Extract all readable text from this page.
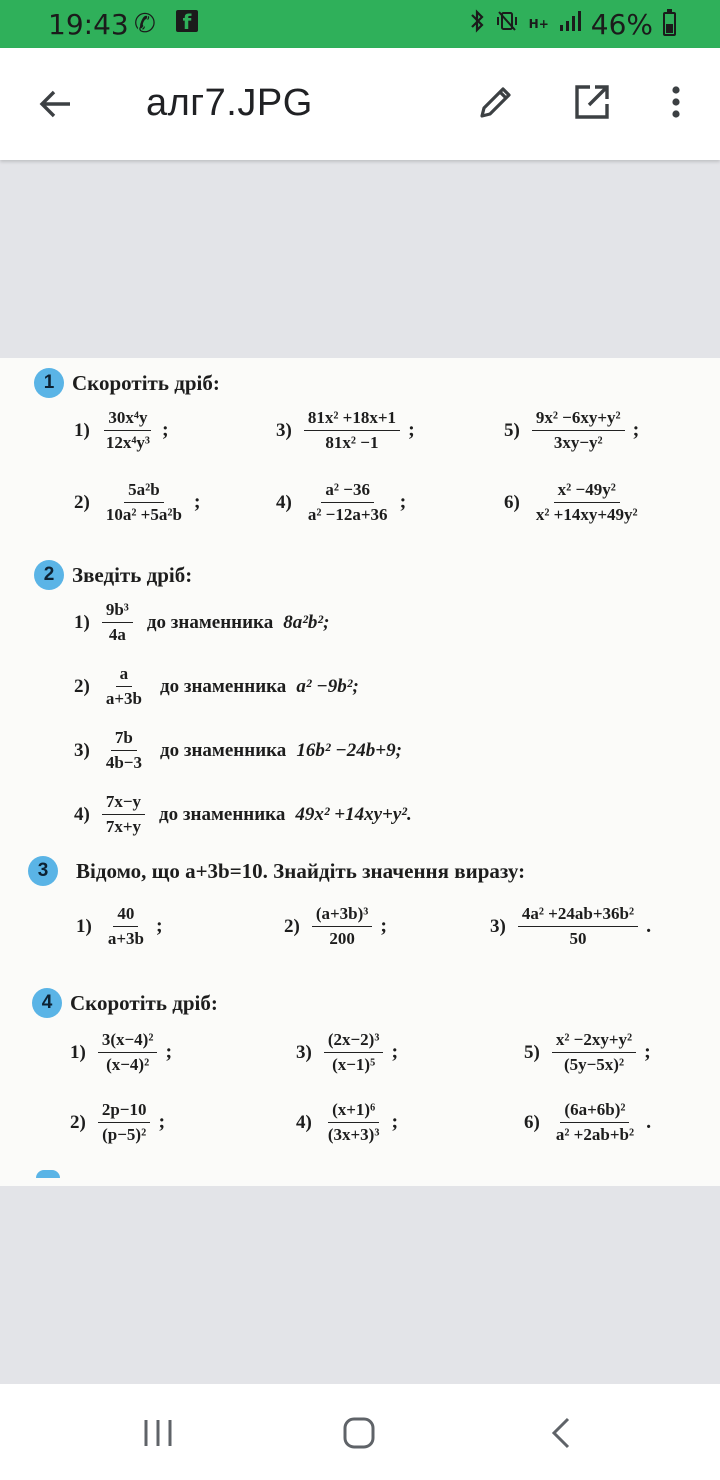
19:43 ✆	f	H+ 46%
алг7.JPG
1 Скоротіть дріб:
$1) \frac{\text{30x⁴y}}{\text{12x⁴y³}}$ ;	$3) \frac{\text{81x² +18x+1}}{\text{81x² −1}}$ ;	$5) \frac{\text{9x² −6xy+y²}}{\text{3xy−y²}}$ ;
$2) \frac{\text{5a²b}}{\text{10a² +5a²b}}$ ;	$4) \frac{\text{a² −36}}{\text{a² −12a+36}}$ ;	$6) \frac{\text{x² −49y²}}{\text{x² +14xy+49y²}}$
2 Зведіть дріб:
$1) \frac{\text{9b³}}{4a}$ до знаменника 8a²b²;
$2) \frac{a}{a+3b}$ до знаменника a² −9b²;
$3) \frac{7b}{4b-3}$ до знаменника 16b² −24b+9;
$4) \frac{7x-y}{7x+y}$ до знаменника 49x² +14xy+y².
3	Відомо, що a+3b=10. Знайдіть значення виразу:
$1) \frac{40}{a+3b}$ ;	$2) \frac{\text{(a+3b)³}}{200}$ ;	$3) \frac{\text{4a² +24ab+36b²}}{50}$ .
4 Скоротіть дріб:
$1) \frac{\text{3(x−4)²}}{\text{(x−4)²}}$ ;	$3) \frac{\text{(2x−2)³}}{\text{(x−1)⁵}}$ ;	$5) \frac{\text{x² −2xy+y²}}{\text{(5y−5x)²}}$ ;
$2) \frac{2p-10}{\text{(p−5)²}}$ ;	$4) \frac{\text{(x+1)⁶}}{\text{(3x+3)³}}$ ;	$6) \frac{\text{(6a+6b)²}}{\text{a² +2ab+b²}}$ .
